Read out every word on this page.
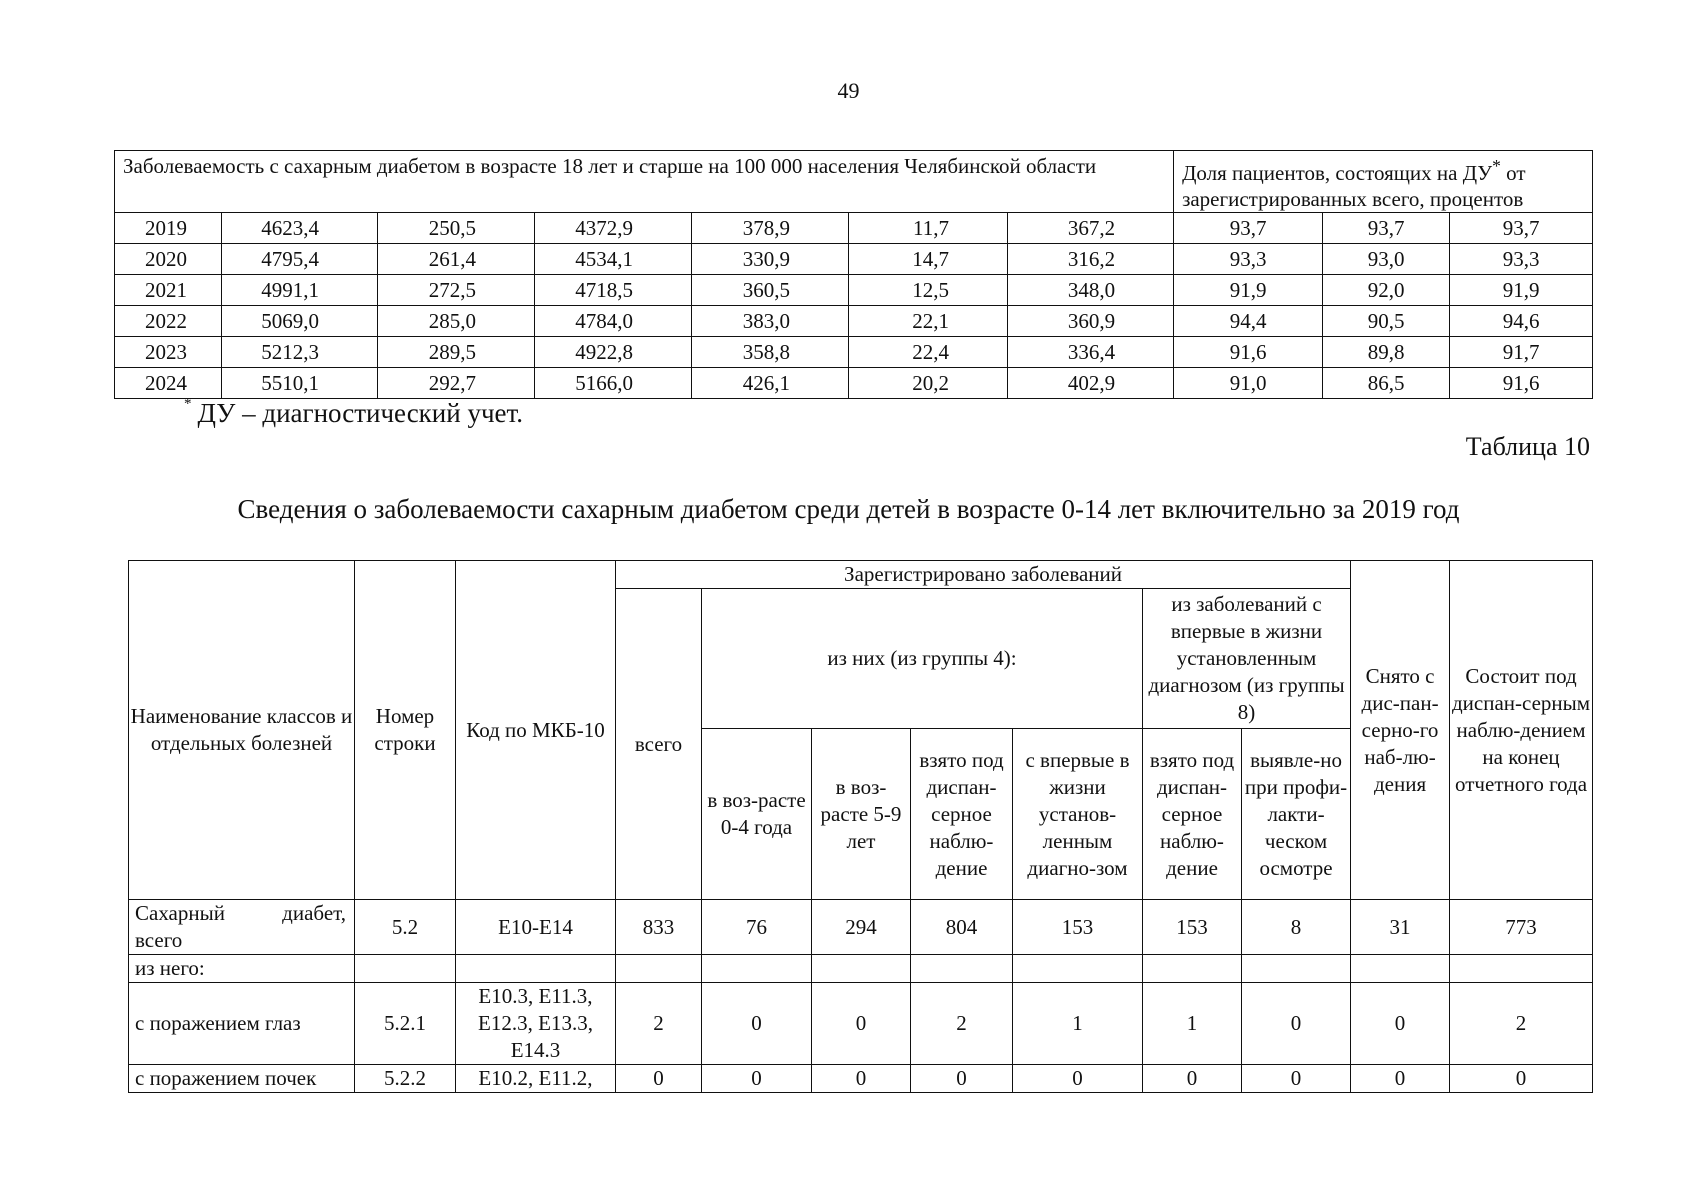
49
Заболеваемость с сахарным диабетом в возрасте 18 лет и старше на 100 000 населения Челябинской области							Доля пациентов, состоящих на ДУ* от зарегистрированных всего, процентов		
2019	4623,4	250,5	4372,9	378,9	11,7	367,2	93,7	93,7	93,7
2020	4795,4	261,4	4534,1	330,9	14,7	316,2	93,3	93,0	93,3
2021	4991,1	272,5	4718,5	360,5	12,5	348,0	91,9	92,0	91,9
2022	5069,0	285,0	4784,0	383,0	22,1	360,9	94,4	90,5	94,6
2023	5212,3	289,5	4922,8	358,8	22,4	336,4	91,6	89,8	91,7
2024	5510,1	292,7	5166,0	426,1	20,2	402,9	91,0	86,5	91,6
* ДУ – диагностический учет.
Таблица 10
Сведения о заболеваемости сахарным диабетом среди детей в возрасте 0-14 лет включительно за 2019 год
Наименование классов и отдельных болезней	Номер строки	Код по МКБ-10	Зарегистрировано заболеваний							Снято с дис-пан-серно-го наб-лю-дения	Состоит под диспан-серным наблю-дением на конец отчетного года
			всего	из них (из группы 4):				из заболеваний с впервые в жизни установленным диагнозом (из группы 8)			
				в воз-расте 0-4 года	в воз-расте 5-9 лет	взято под диспан-серное наблю-дение	с впервые в жизни установ-ленным диагно-зом	взято под диспан-серное наблю-дение	выявле-но при профи-лакти-ческом осмотре		
Сахарный диабет, всего	5.2	E10-E14	833	76	294	804	153	153	8	31	773
из него:											
с поражением глаз	5.2.1	E10.3, E11.3, E12.3, E13.3, E14.3	2	0	0	2	1	1	0	0	2
с поражением почек	5.2.2	E10.2, E11.2,	0	0	0	0	0	0	0	0	0
